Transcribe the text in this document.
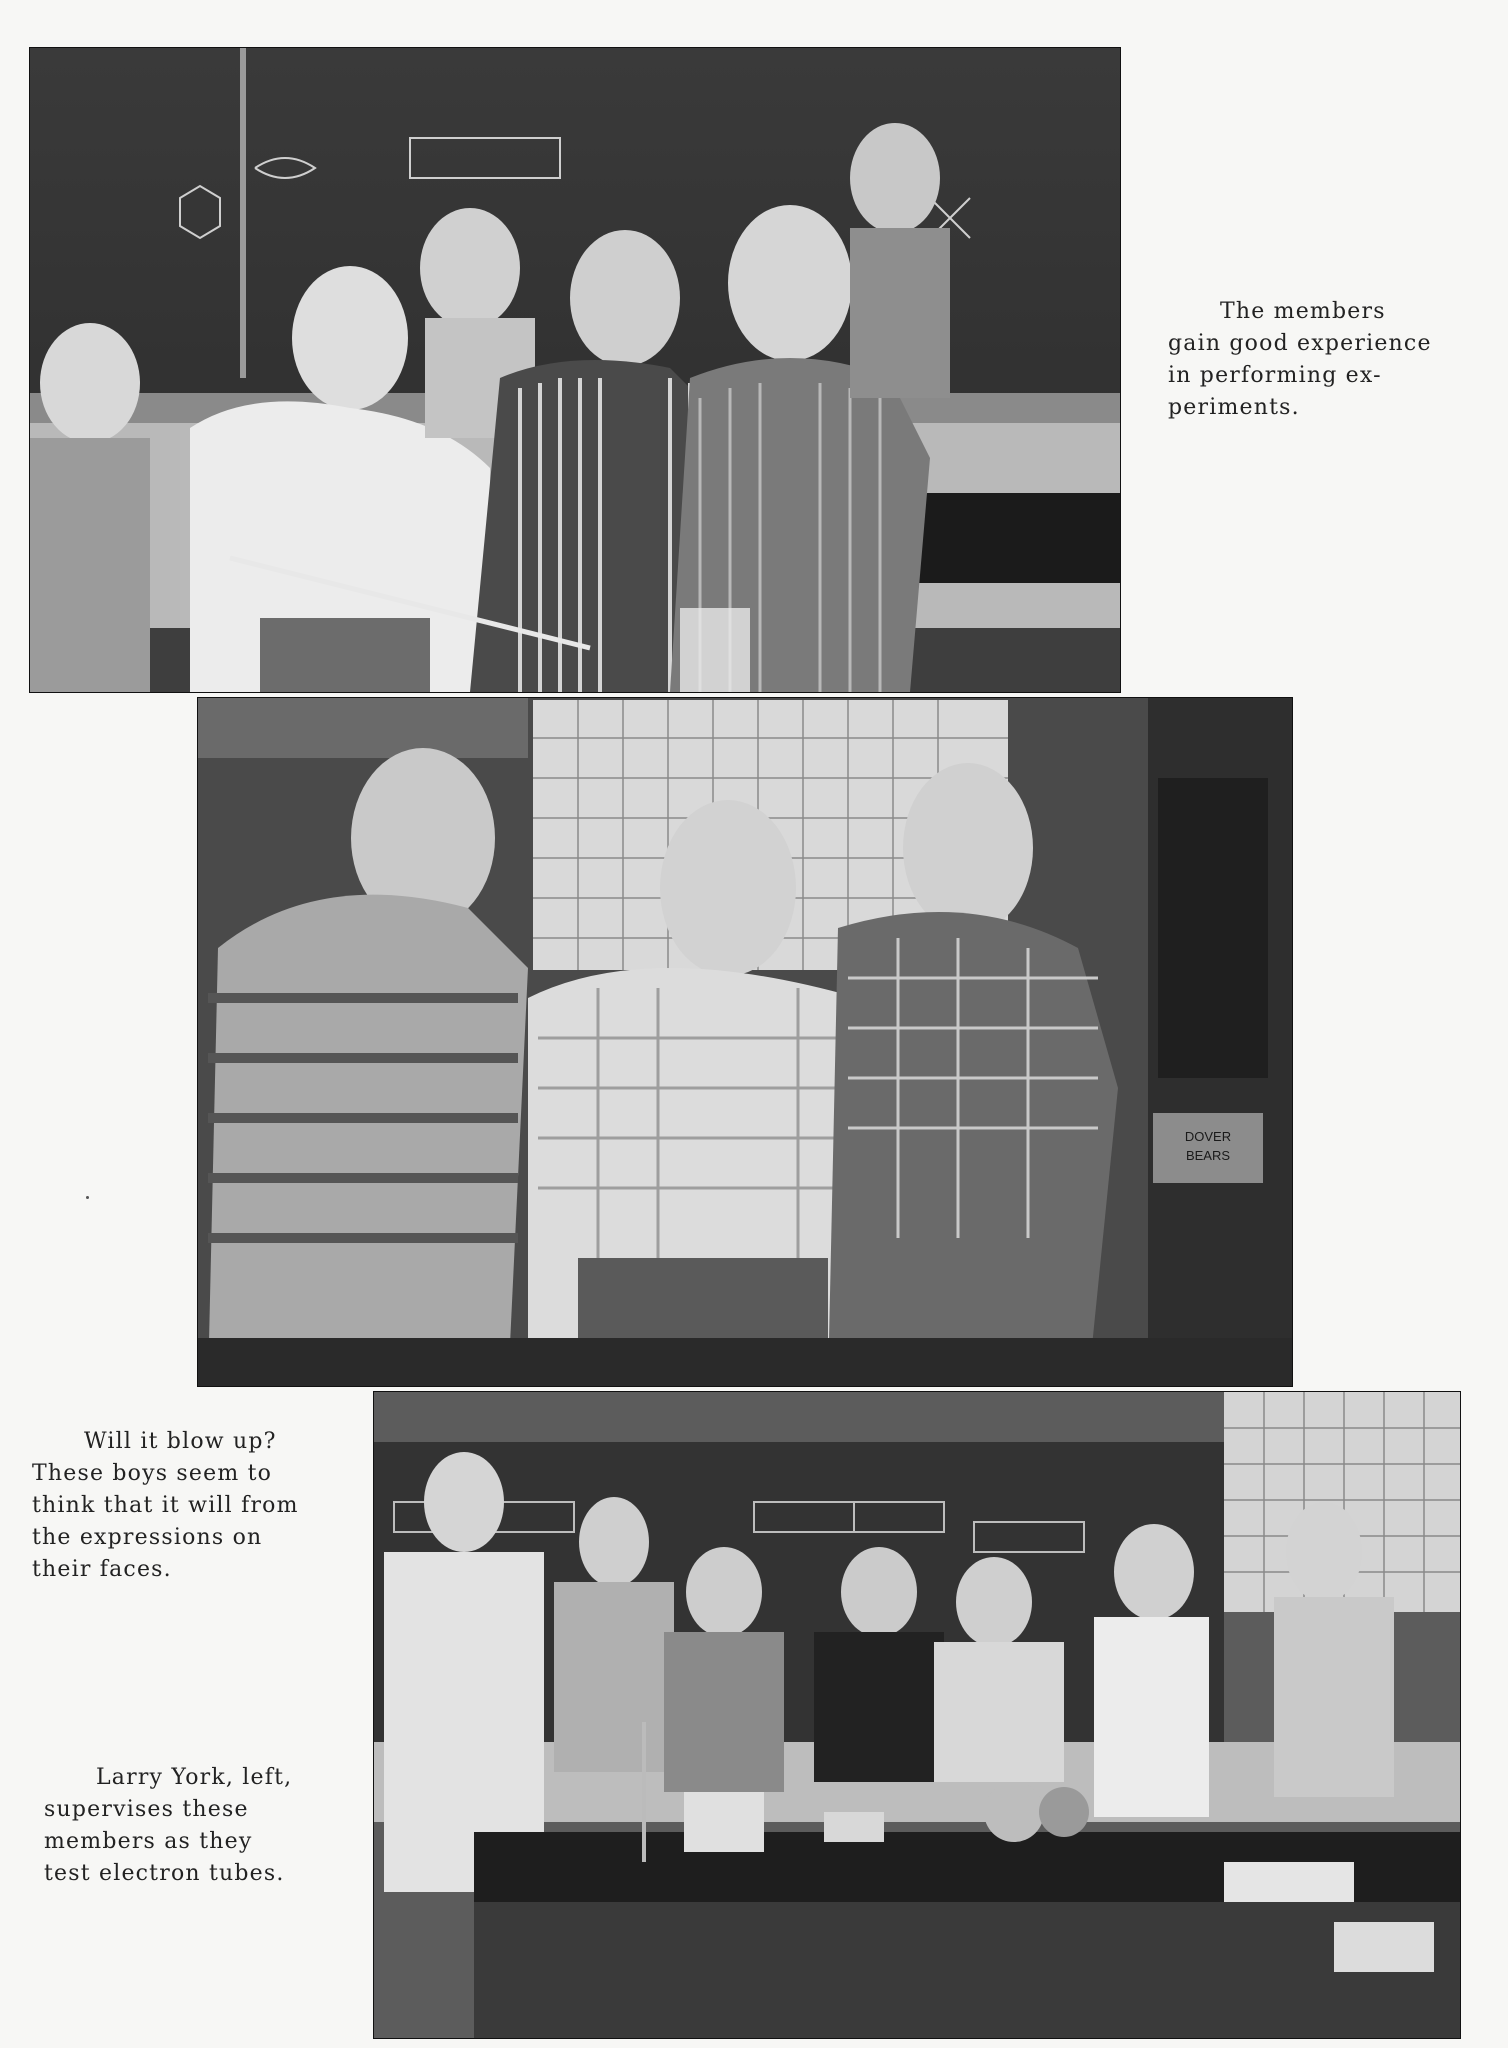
The members
gain good experience
in performing ex-
periments.
DOVER
BEARS
Will it blow up?
These boys seem to
think that it will from
the expressions on
their faces.
Larry York, left,
supervises these
members as they
test electron tubes.
